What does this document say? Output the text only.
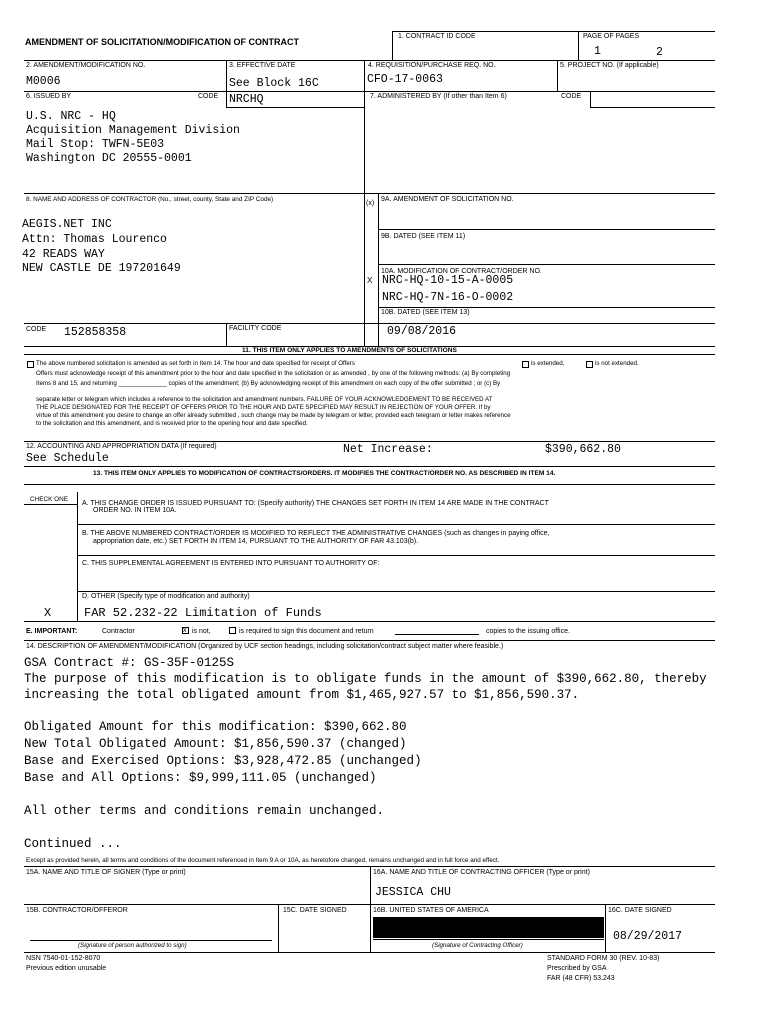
AMENDMENT OF SOLICITATION/MODIFICATION OF CONTRACT
1. CONTRACT ID CODE	PAGE OF PAGES
1	2
2. AMENDMENT/MODIFICATION NO.
M0006
3. EFFECTIVE DATE
See Block 16C
4. REQUISITION/PURCHASE REQ. NO.
CFO-17-0063
5. PROJECT NO. (If applicable)
6. ISSUED BY	CODE NRCHQ	7. ADMINISTERED BY (If other than Item 6)	CODE
U.S. NRC - HQ
Acquisition Management Division
Mail Stop: TWFN-5E03
Washington DC 20555-0001
8. NAME AND ADDRESS OF CONTRACTOR (No., street, county, State and ZIP Code)
AEGIS.NET INC
Attn: Thomas Lourenco
42 READS WAY
NEW CASTLE DE 197201649
(x)
9A. AMENDMENT OF SOLICITATION NO.
9B. DATED (SEE ITEM 11)
10A. MODIFICATION OF CONTRACT/ORDER NO.
X NRC-HQ-10-15-A-0005
NRC-HQ-7N-16-O-0002
10B. DATED (SEE ITEM 13)
09/08/2016
CODE 152858358	FACILITY CODE
11. THIS ITEM ONLY APPLIES TO AMENDMENTS OF SOLICITATIONS
The above numbered solicitation is amended as set forth in Item 14. The hour and date specified for receipt of Offers	is extended,	is not extended.
Offers must acknowledge receipt of this amendment prior to the hour and date specified in the solicitation or as amended , by one of the following methods: (a) By completing
Items 8 and 15, and returning ______________ copies of the amendment; (b) By acknowledging receipt of this amendment on each copy of the offer submitted ; or (c) By
separate letter or telegram which includes a reference to the solicitation and amendment numbers. FAILURE OF YOUR ACKNOWLEDGEMENT TO BE RECEIVED AT
THE PLACE DESIGNATED FOR THE RECEIPT OF OFFERS PRIOR TO THE HOUR AND DATE SPECIFIED MAY RESULT IN REJECTION OF YOUR OFFER. If by
virtue of this amendment you desire to change an offer already submitted , such change may be made by telegram or letter, provided each telegram or letter makes reference
to the solicitation and this amendment, and is received prior to the opening hour and date specified.
12. ACCOUNTING AND APPROPRIATION DATA (If required)
See Schedule
Net Increase:	$390,662.80
13. THIS ITEM ONLY APPLIES TO MODIFICATION OF CONTRACTS/ORDERS. IT MODIFIES THE CONTRACT/ORDER NO. AS DESCRIBED IN ITEM 14.
CHECK ONE
A. THIS CHANGE ORDER IS ISSUED PURSUANT TO: (Specify authority) THE CHANGES SET FORTH IN ITEM 14 ARE MADE IN THE CONTRACT
ORDER NO. IN ITEM 10A.
B. THE ABOVE NUMBERED CONTRACT/ORDER IS MODIFIED TO REFLECT THE ADMINISTRATIVE CHANGES (such as changes in paying office,
appropriation date, etc.) SET FORTH IN ITEM 14, PURSUANT TO THE AUTHORITY OF FAR 43.103(b).
C. THIS SUPPLEMENTAL AGREEMENT IS ENTERED INTO PURSUANT TO AUTHORITY OF:
D. OTHER (Specify type of modification and authority)
X	FAR 52.232-22 Limitation of Funds
E. IMPORTANT:	Contractor	x is not,	is required to sign this document and return	copies to the issuing office.
14. DESCRIPTION OF AMENDMENT/MODIFICATION (Organized by UCF section headings, including solicitation/contract subject matter where feasible.)
GSA Contract #: GS-35F-0125S
The purpose of this modification is to obligate funds in the amount of $390,662.80, thereby
increasing the total obligated amount from $1,465,927.57 to $1,856,590.37.
Obligated Amount for this modification: $390,662.80
New Total Obligated Amount: $1,856,590.37 (changed)
Base and Exercised Options: $3,928,472.85 (unchanged)
Base and All Options: $9,999,111.05 (unchanged)
All other terms and conditions remain unchanged.
Continued ...
Except as provided herein, all terms and conditions of the document referenced in Item 9 A or 10A, as heretofore changed, remains unchanged and in full force and effect.
15A. NAME AND TITLE OF SIGNER (Type or print)	16A. NAME AND TITLE OF CONTRACTING OFFICER (Type or print)
JESSICA CHU
15B. CONTRACTOR/OFFEROR	15C. DATE SIGNED	16B. UNITED STATES OF AMERICA	16C. DATE SIGNED
(Signature of person authorized to sign)	(Signature of Contracting Officer)
08/29/2017
NSN 7540-01-152-8070
Previous edition unusable
STANDARD FORM 30 (REV. 10-83)
Prescribed by GSA
FAR (48 CFR) 53.243
